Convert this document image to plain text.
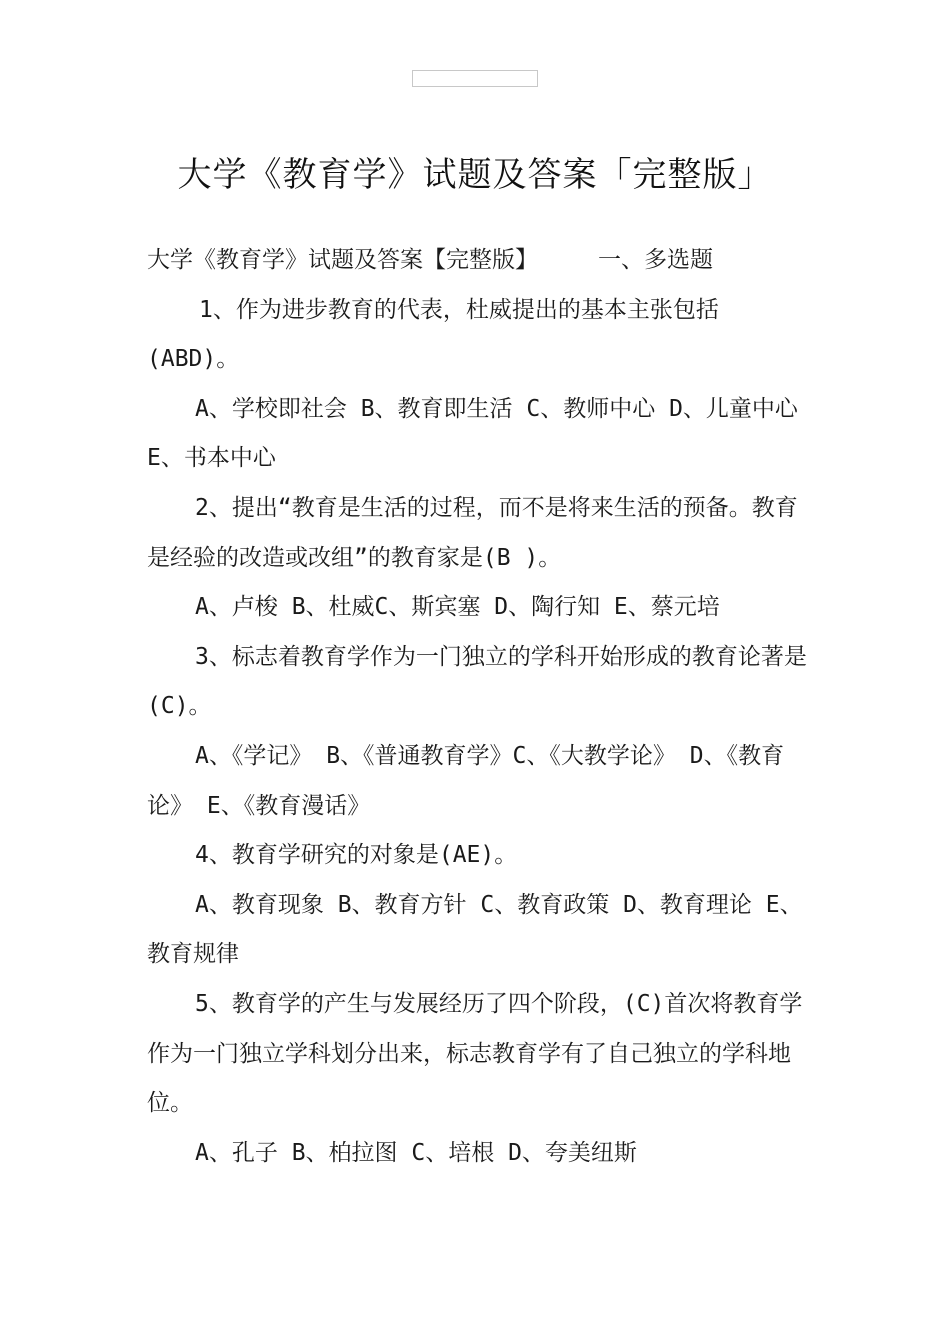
大学《教育学》试题及答案「完整版」

大学《教育学》试题及答案【完整版】	一、多选题

1、作为进步教育的代表，杜威提出的基本主张包括(ABD)。

A、学校即社会 B、教育即生活 C、教师中心 D、儿童中心 E、书本中心

2、提出“教育是生活的过程，而不是将来生活的预备。教育是经验的改造或改组”的教育家是(B )。

A、卢梭 B、杜威C、斯宾塞 D、陶行知 E、蔡元培

3、标志着教育学作为一门独立的学科开始形成的教育论著是(C)。

A、《学记》 B、《普通教育学》C、《大教学论》 D、《教育论》 E、《教育漫话》

4、教育学研究的对象是(AE)。

A、教育现象 B、教育方针 C、教育政策 D、教育理论 E、教育规律

5、教育学的产生与发展经历了四个阶段，(C)首次将教育学作为一门独立学科划分出来，标志教育学有了自己独立的学科地位。

A、孔子 B、柏拉图 C、培根 D、夸美纽斯
